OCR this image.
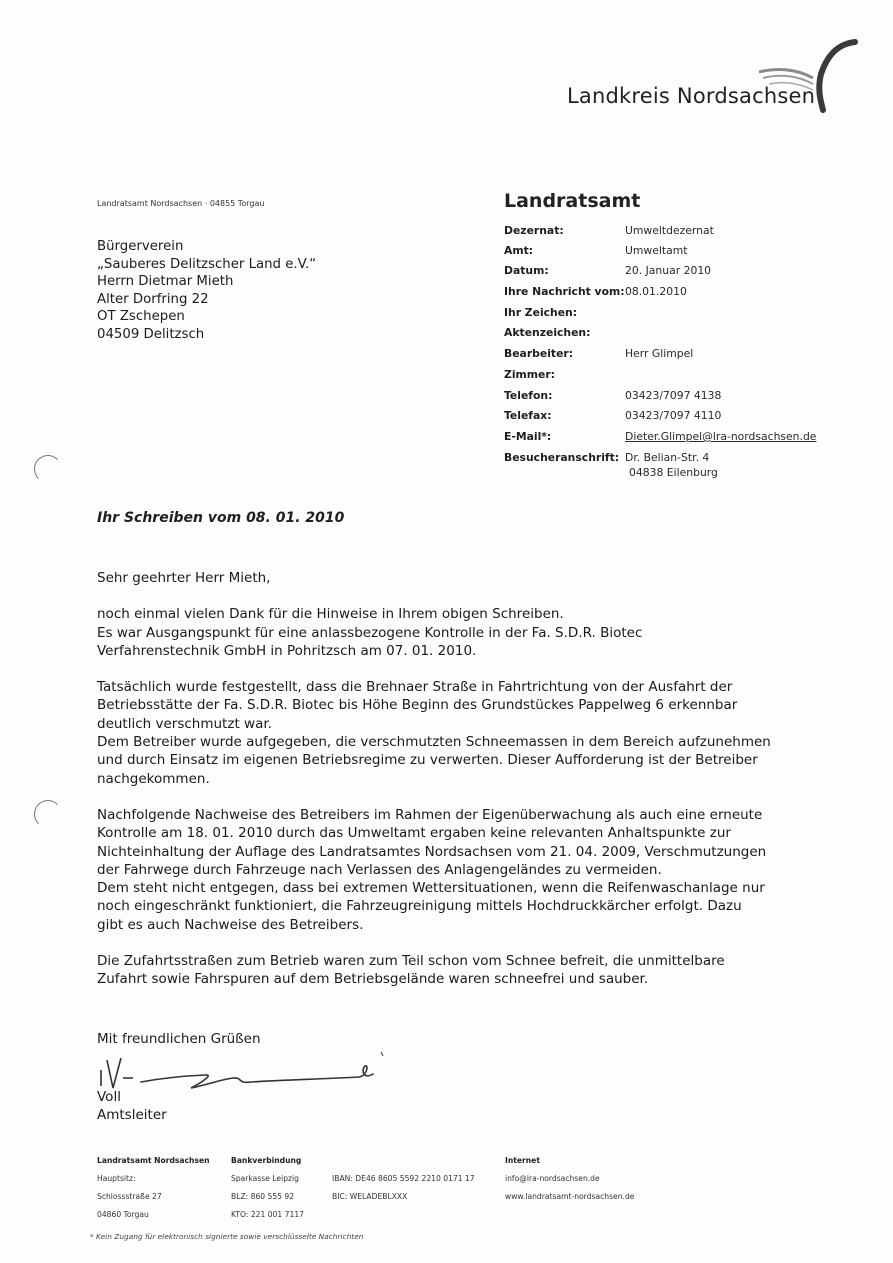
Landkreis Nordsachsen
Landratsamt Nordsachsen · 04855 Torgau
Bürgerverein
„Sauberes Delitzscher Land e.V.“
Herrn Dietmar Mieth
Alter Dorfring 22
OT Zschepen
04509 Delitzsch
Landratsamt
Dezernat:	Umweltdezernat
Amt:	Umweltamt
Datum:	20. Januar 2010
Ihre Nachricht vom: 08.01.2010
Ihr Zeichen:
Aktenzeichen:
Bearbeiter:	Herr Glimpel
Zimmer:
Telefon:	03423/7097 4138
Telefax:	03423/7097 4110
E-Mail*:	Dieter.Glimpel@lra-nordsachsen.de
Besucheranschrift: Dr. Belian-Str. 4
04838 Eilenburg
Ihr Schreiben vom 08. 01. 2010

Sehr geehrter Herr Mieth,

noch einmal vielen Dank für die Hinweise in Ihrem obigen Schreiben.
Es war Ausgangspunkt für eine anlassbezogene Kontrolle in der Fa. S.D.R. Biotec
Verfahrenstechnik GmbH in Pohritzsch am 07. 01. 2010.

Tatsächlich wurde festgestellt, dass die Brehnaer Straße in Fahrtrichtung von der Ausfahrt der
Betriebsstätte der Fa. S.D.R. Biotec bis Höhe Beginn des Grundstückes Pappelweg 6 erkennbar
deutlich verschmutzt war.
Dem Betreiber wurde aufgegeben, die verschmutzten Schneemassen in dem Bereich aufzunehmen
und durch Einsatz im eigenen Betriebsregime zu verwerten. Dieser Aufforderung ist der Betreiber
nachgekommen.

Nachfolgende Nachweise des Betreibers im Rahmen der Eigenüberwachung als auch eine erneute
Kontrolle am 18. 01. 2010 durch das Umweltamt ergaben keine relevanten Anhaltspunkte zur
Nichteinhaltung der Auflage des Landratsamtes Nordsachsen vom 21. 04. 2009, Verschmutzungen
der Fahrwege durch Fahrzeuge nach Verlassen des Anlagengeländes zu vermeiden.
Dem steht nicht entgegen, dass bei extremen Wettersituationen, wenn die Reifenwaschanlage nur
noch eingeschränkt funktioniert, die Fahrzeugreinigung mittels Hochdruckkärcher erfolgt. Dazu
gibt es auch Nachweise des Betreibers.

Die Zufahrtsstraßen zum Betrieb waren zum Teil schon vom Schnee befreit, die unmittelbare
Zufahrt sowie Fahrspuren auf dem Betriebsgelände waren schneefrei und sauber.

Mit freundlichen Grüßen
Voll
Amtsleiter
Landratsamt Nordsachsen
Hauptsitz:
Schlossstraße 27
04860 Torgau
Bankverbindung
Sparkasse Leipzig
BLZ: 860 555 92
KTO: 221 001 7117
IBAN: DE46 8605 5592 2210 0171 17
BIC: WELADEBLXXX
Internet
info@lra-nordsachsen.de
www.landratsamt-nordsachsen.de
* Kein Zugang für elektronisch signierte sowie verschlüsselte Nachrichten
